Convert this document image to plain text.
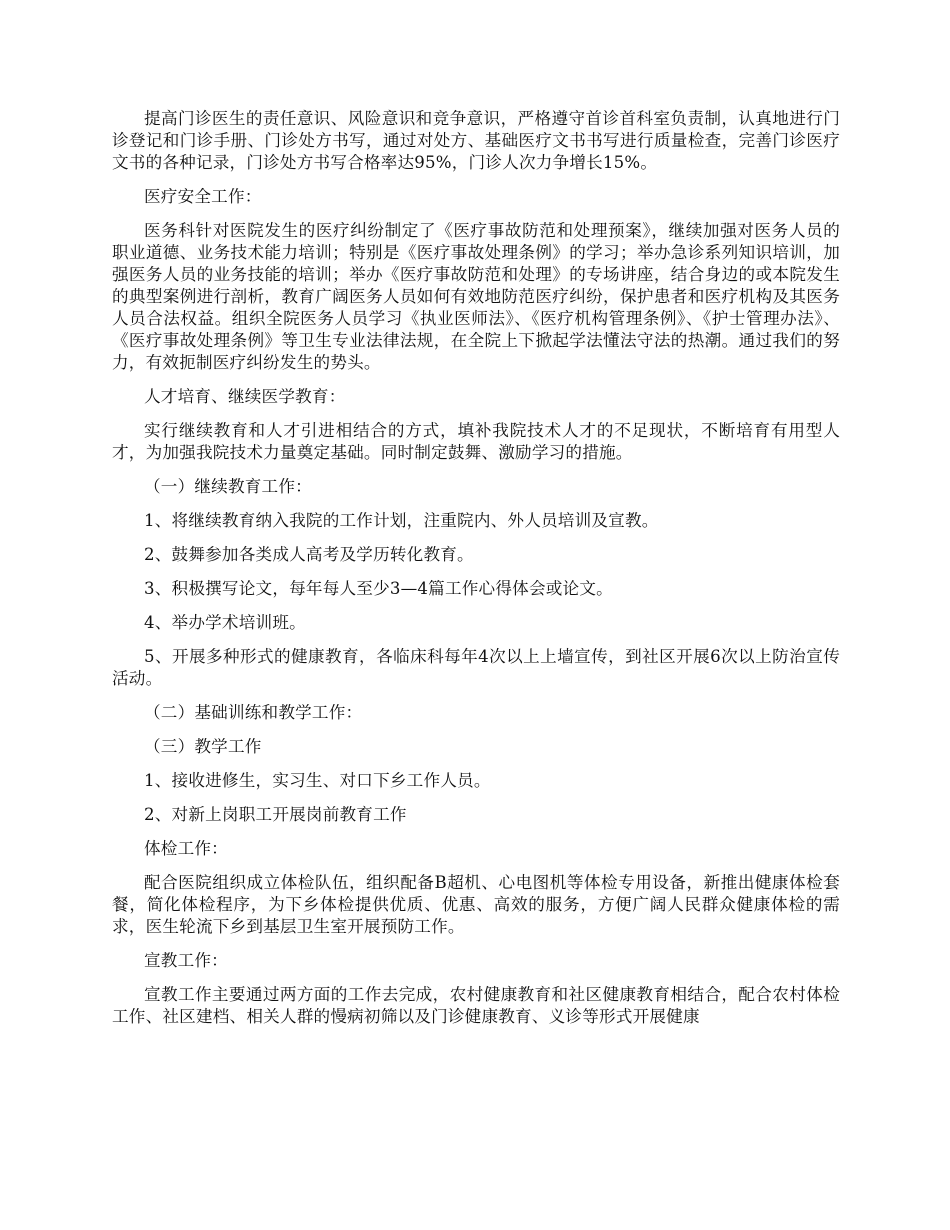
提高门诊医生的责任意识、风险意识和竞争意识，严格遵守首诊首科室负责制，认真地进行门诊登记和门诊手册、门诊处方书写，通过对处方、基础医疗文书书写进行质量检查，完善门诊医疗文书的各种记录，门诊处方书写合格率达95%，门诊人次力争增长15%。

医疗安全工作：

医务科针对医院发生的医疗纠纷制定了《医疗事故防范和处理预案》，继续加强对医务人员的职业道德、业务技术能力培训；特别是《医疗事故处理条例》的学习；举办急诊系列知识培训，加强医务人员的业务技能的培训；举办《医疗事故防范和处理》的专场讲座，结合身边的或本院发生的典型案例进行剖析，教育广阔医务人员如何有效地防范医疗纠纷，保护患者和医疗机构及其医务人员合法权益。组织全院医务人员学习《执业医师法》、《医疗机构管理条例》、《护士管理办法》、《医疗事故处理条例》等卫生专业法律法规，在全院上下掀起学法懂法守法的热潮。通过我们的努力，有效扼制医疗纠纷发生的势头。

人才培育、继续医学教育：

实行继续教育和人才引进相结合的方式，填补我院技术人才的不足现状，不断培育有用型人才，为加强我院技术力量奠定基础。同时制定鼓舞、激励学习的措施。

（一）继续教育工作：

1、将继续教育纳入我院的工作计划，注重院内、外人员培训及宣教。

2、鼓舞参加各类成人高考及学历转化教育。

3、积极撰写论文，每年每人至少3—4篇工作心得体会或论文。

4、举办学术培训班。

5、开展多种形式的健康教育，各临床科每年4次以上上墙宣传，到社区开展6次以上防治宣传活动。

（二）基础训练和教学工作：

（三）教学工作

1、接收进修生，实习生、对口下乡工作人员。

2、对新上岗职工开展岗前教育工作

体检工作：

配合医院组织成立体检队伍，组织配备B超机、心电图机等体检专用设备，新推出健康体检套餐，简化体检程序，为下乡体检提供优质、优惠、高效的服务，方便广阔人民群众健康体检的需求，医生轮流下乡到基层卫生室开展预防工作。

宣教工作：

宣教工作主要通过两方面的工作去完成，农村健康教育和社区健康教育相结合，配合农村体检工作、社区建档、相关人群的慢病初筛以及门诊健康教育、义诊等形式开展健康
